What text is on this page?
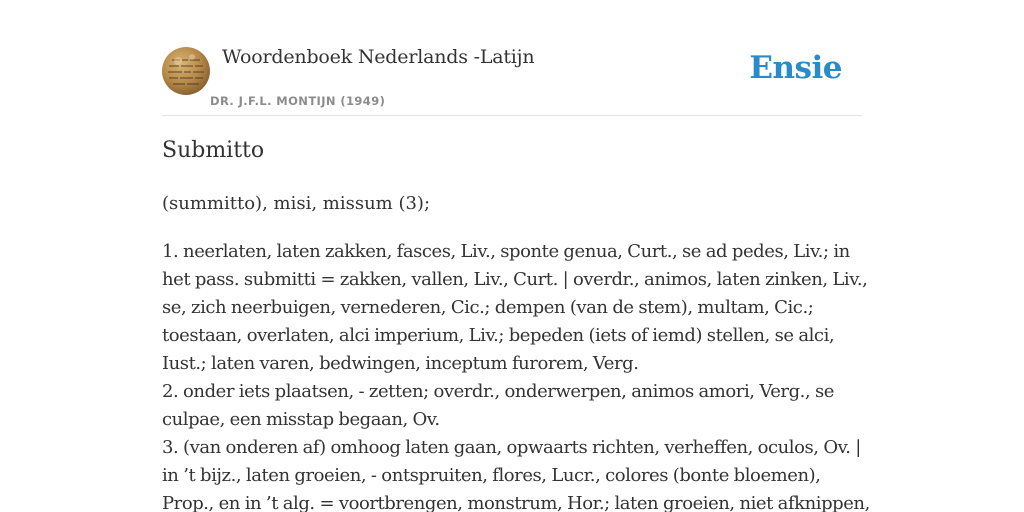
Woordenboek Nederlands -Latijn
DR. J.F.L. MONTIJN (1949)
Ensie
Submitto
(summitto), misi, missum (3);
1. neerlaten, laten zakken, fasces, Liv., sponte genua, Curt., se ad pedes, Liv.; in
het pass. submitti = zakken, vallen, Liv., Curt. | overdr., animos, laten zinken, Liv.,
se, zich neerbuigen, vernederen, Cic.; dempen (van de stem), multam, Cic.;
toestaan, overlaten, alci imperium, Liv.; bepeden (iets of iemd) stellen, se alci,
Iust.; laten varen, bedwingen, inceptum furorem, Verg.
2. onder iets plaatsen, - zetten; overdr., onderwerpen, animos amori, Verg., se
culpae, een misstap begaan, Ov.
3. (van onderen af) omhoog laten gaan, opwaarts richten, verheffen, oculos, Ov. |
in ’t bijz., laten groeien, - ontspruiten, flores, Lucr., colores (bonte bloemen),
Prop., en in ’t alg. = voortbrengen, monstrum, Hor.; laten groeien, niet afknippen,
